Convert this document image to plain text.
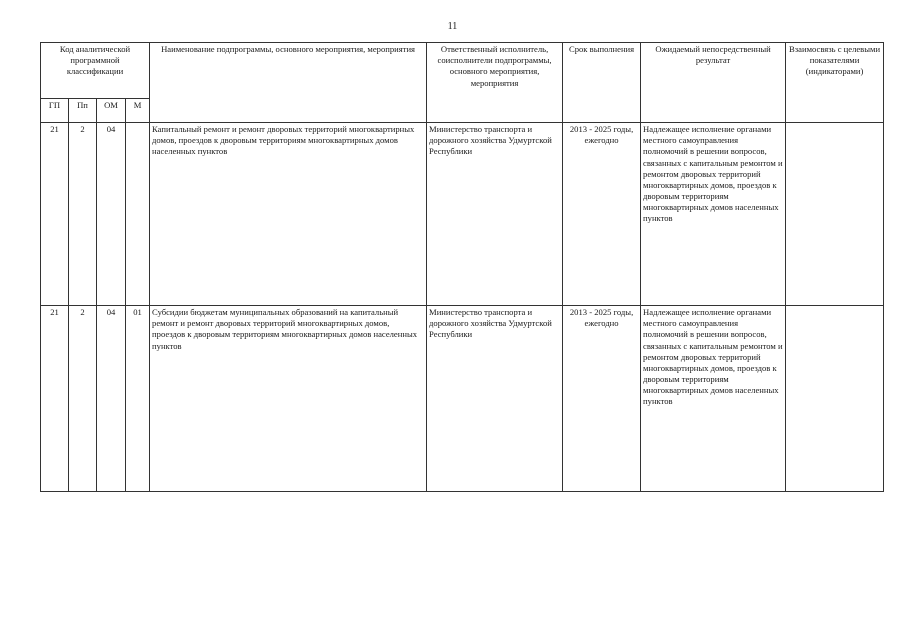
11
Код аналитической программной классификации				Наименование подпрограммы, основного мероприятия, мероприятия	Ответственный исполнитель, соисполнители подпрограммы, основного мероприятия, мероприятия	Срок выполнения	Ожидаемый непосредственный результат	Взаимосвязь с целевыми показателями (индикаторами)
ГП	Пп	ОМ	М					
21	2	04		Капитальный ремонт и ремонт дворовых территорий многоквартирных домов, проездов к дворовым территориям многоквартирных домов населенных пунктов	Министерство транспорта и дорожного хозяйства Удмуртской Республики	2013 - 2025 годы, ежегодно	Надлежащее исполнение органами местного самоуправления полномочий в решении вопросов, связанных с капитальным ремонтом и ремонтом дворовых территорий многоквартирных домов, проездов к дворовым территориям многоквартирных домов населенных пунктов	
21	2	04	01	Субсидии бюджетам муниципальных образований на капитальный ремонт и ремонт дворовых территорий многоквартирных домов, проездов к дворовым территориям многоквартирных домов населенных пунктов	Министерство транспорта и дорожного хозяйства Удмуртской Республики	2013 - 2025 годы, ежегодно	Надлежащее исполнение органами местного самоуправления полномочий в решении вопросов, связанных с капитальным ремонтом и ремонтом дворовых территорий многоквартирных домов, проездов к дворовым территориям многоквартирных домов населенных пунктов	
